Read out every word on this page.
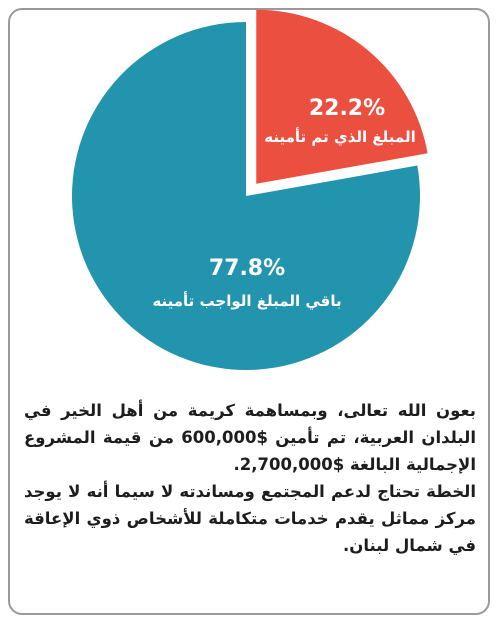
22.2%
المبلغ الذي تم تأمينه
77.8%
باقي المبلغ الواجب تأمينه

بعون الله تعالى، وبمساهمة كريمة من أهل الخير في البلدان العربية، تم تأمين $600,000 من قيمة المشروع الإجمالية البالغة $2,700,000.

الخطة تحتاج لدعم المجتمع ومساندته لا سيما أنه لا يوجد مركز مماثل يقدم خدمات متكاملة للأشخاص ذوي الإعاقة في شمال لبنان.
